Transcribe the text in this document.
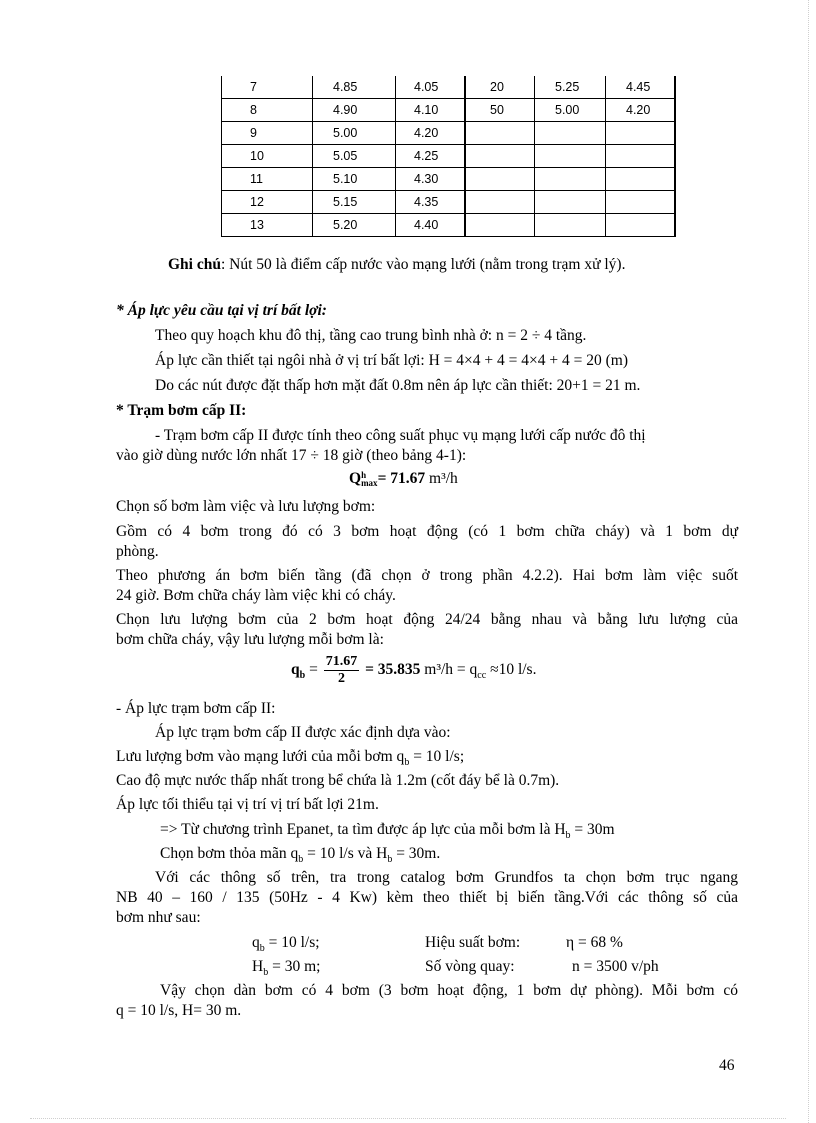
7	4.85	4.05	20	5.25	4.45
8	4.90	4.10	50	5.00	4.20
9	5.00	4.20			
10	5.05	4.25			
11	5.10	4.30			
12	5.15	4.35			
13	5.20	4.40			
Ghi chú: Nút 50 là điểm cấp nước vào mạng lưới (nằm trong trạm xử lý).
* Áp lực yêu cầu tại vị trí bất lợi:
Theo quy hoạch khu đô thị, tầng cao trung bình nhà ở: n = 2 ÷ 4 tầng.
Áp lực cần thiết tại ngôi nhà ở vị trí bất lợi: H = 4×4 + 4 = 4×4 + 4 = 20 (m)
Do các nút được đặt thấp hơn mặt đất 0.8m nên áp lực cần thiết: 20+1 = 21 m.
* Trạm bơm cấp II:
- Trạm bơm cấp II được tính theo công suất phục vụ mạng lưới cấp nước đô thị
vào giờ dùng nước lớn nhất 17 ÷ 18 giờ (theo bảng 4-1):
Q h
max = 71.67 m³/h
Chọn số bơm làm việc và lưu lượng bơm:
Gồm có 4 bơm trong đó có 3 bơm hoạt động (có 1 bơm chữa cháy) và 1 bơm dự
phòng.
Theo phương án bơm biến tầng (đã chọn ở trong phần 4.2.2). Hai bơm làm việc suốt
24 giờ. Bơm chữa cháy làm việc khi có cháy.
Chọn lưu lượng bơm của 2 bơm hoạt động 24/24 bằng nhau và bằng lưu lượng của
bơm chữa cháy, vậy lưu lượng mỗi bơm là:
$q_b = \frac{71.67}{2} = 35.835$ $m^3/h = q_{cc} \approx 10$ l/s.
- Áp lực trạm bơm cấp II:
Áp lực trạm bơm cấp II được xác định dựa vào:
Lưu lượng bơm vào mạng lưới của mỗi bơm $q_b = 10$ l/s;
Cao độ mực nước thấp nhất trong bể chứa là 1.2m (cốt đáy bể là 0.7m).
Áp lực tối thiểu tại vị trí vị trí bất lợi 21m.
=> Từ chương trình Epanet, ta tìm được áp lực của mỗi bơm là $H_b = 30m$
Chọn bơm thỏa mãn $q_b = 10$ l/s và $H_b = 30m$.
Với các thông số trên, tra trong catalog bơm Grundfos ta chọn bơm trục ngang
NB 40 – 160 / 135 (50Hz - 4 Kw) kèm theo thiết bị biến tầng.Với các thông số của
bơm như sau:
$q_b = 10$ l/s;	Hiệu suất bơm:	η = 68 %
$H_b = 30$ m;	Số vòng quay:	n = 3500 v/ph
Vậy chọn dàn bơm có 4 bơm (3 bơm hoạt động, 1 bơm dự phòng). Mỗi bơm có
q = 10 l/s, H= 30 m.
46
